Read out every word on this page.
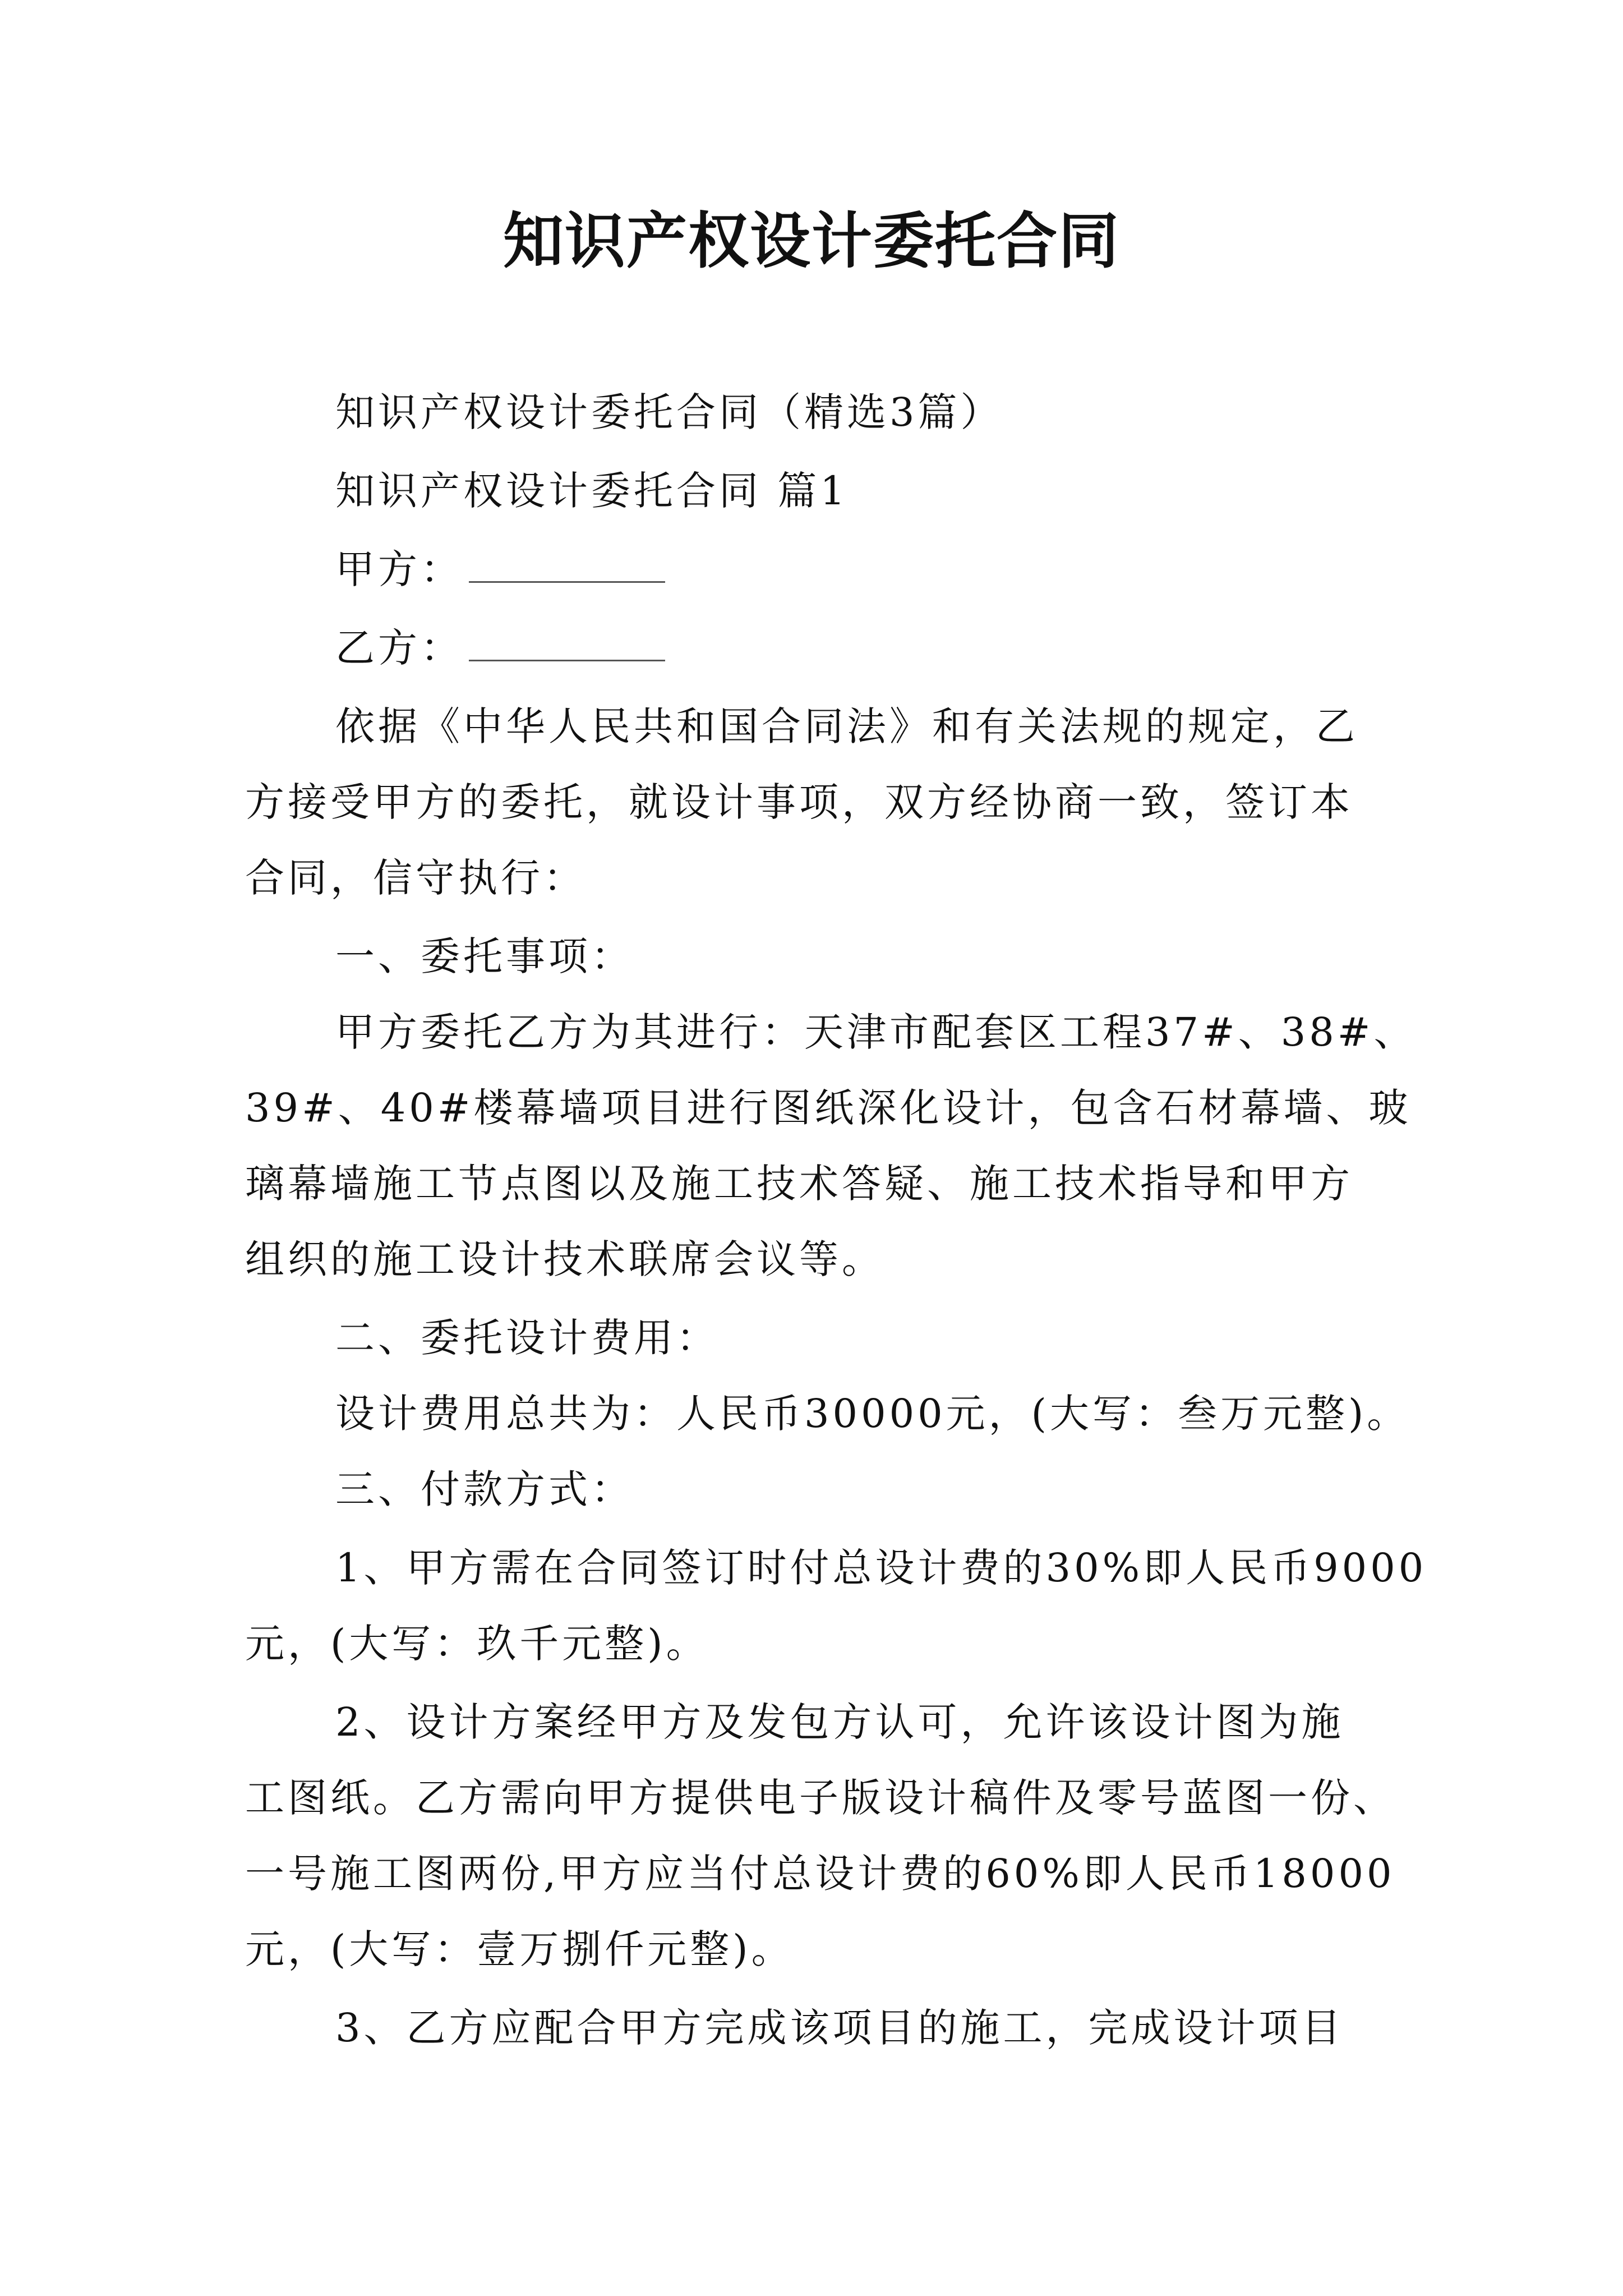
知识产权设计委托合同
知识产权设计委托合同（精选3篇）
知识产权设计委托合同 篇1
甲方：
乙方：
依据《中华人民共和国合同法》和有关法规的规定，乙
方接受甲方的委托，就设计事项，双方经协商一致，签订本
合同，信守执行：
一、委托事项：
甲方委托乙方为其进行：天津市配套区工程37#、38#、
39#、40#楼幕墙项目进行图纸深化设计，包含石材幕墙、玻
璃幕墙施工节点图以及施工技术答疑、施工技术指导和甲方
组织的施工设计技术联席会议等。
二、委托设计费用：
设计费用总共为：人民币30000元，(大写：叁万元整)。
三、付款方式：
1、甲方需在合同签订时付总设计费的30%即人民币9000
元，(大写：玖千元整)。
2、设计方案经甲方及发包方认可，允许该设计图为施
工图纸。乙方需向甲方提供电子版设计稿件及零号蓝图一份、
一号施工图两份,甲方应当付总设计费的60%即人民币18000
元，(大写：壹万捌仟元整)。
3、乙方应配合甲方完成该项目的施工，完成设计项目
